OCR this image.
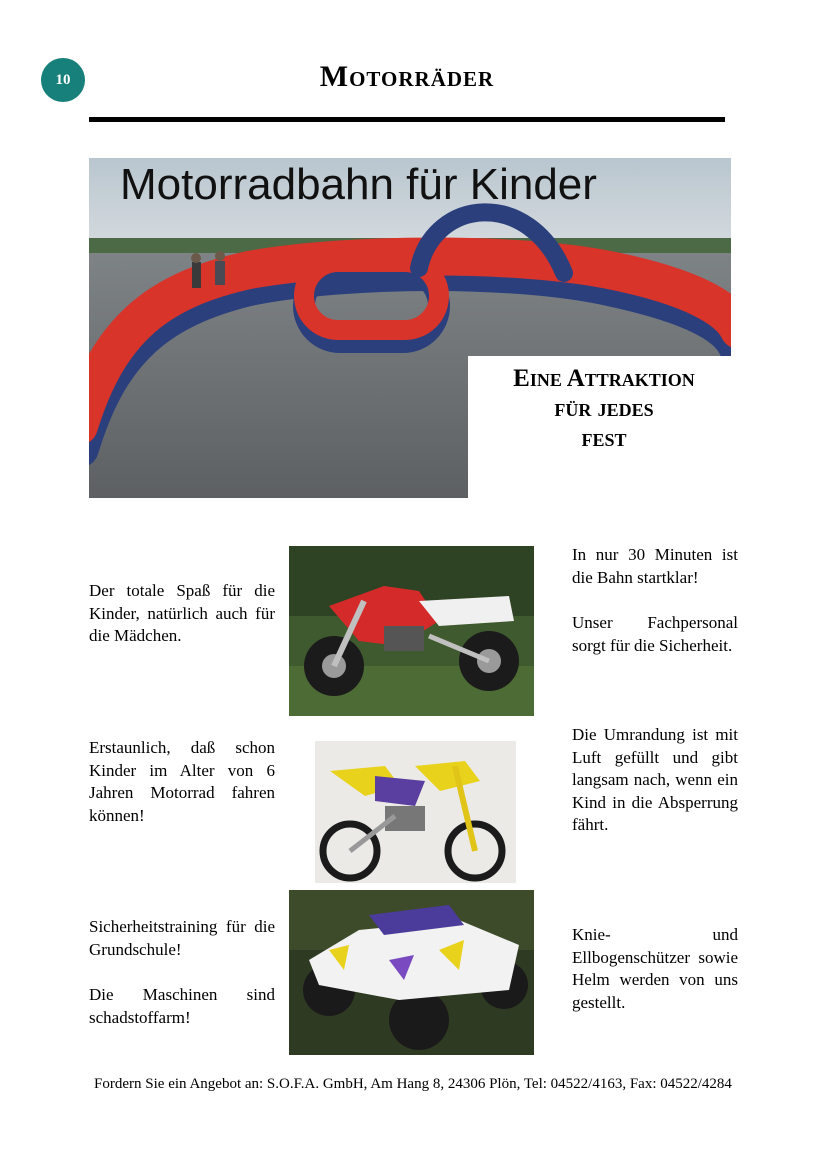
10	Motorräder
Motorradbahn für Kinder
Eine Attraktion
für jedes
fest
Der totale Spaß für die Kinder, natürlich auch für die Mädchen.
Erstaunlich, daß schon Kinder im Alter von 6 Jahren Motorrad fahren können!
Sicherheitstraining für die Grundschule!
Die Maschinen sind schadstoffarm!
In nur 30 Minuten ist die Bahn startklar!
Unser Fachpersonal sorgt für die Sicherheit.
Die Umrandung ist mit Luft gefüllt und gibt langsam nach, wenn ein Kind in die Absperrung fährt.
Knie- und Ellbogenschützer sowie Helm werden von uns gestellt.
Fordern Sie ein Angebot an: S.O.F.A. GmbH, Am Hang 8, 24306 Plön, Tel: 04522/4163, Fax: 04522/4284
